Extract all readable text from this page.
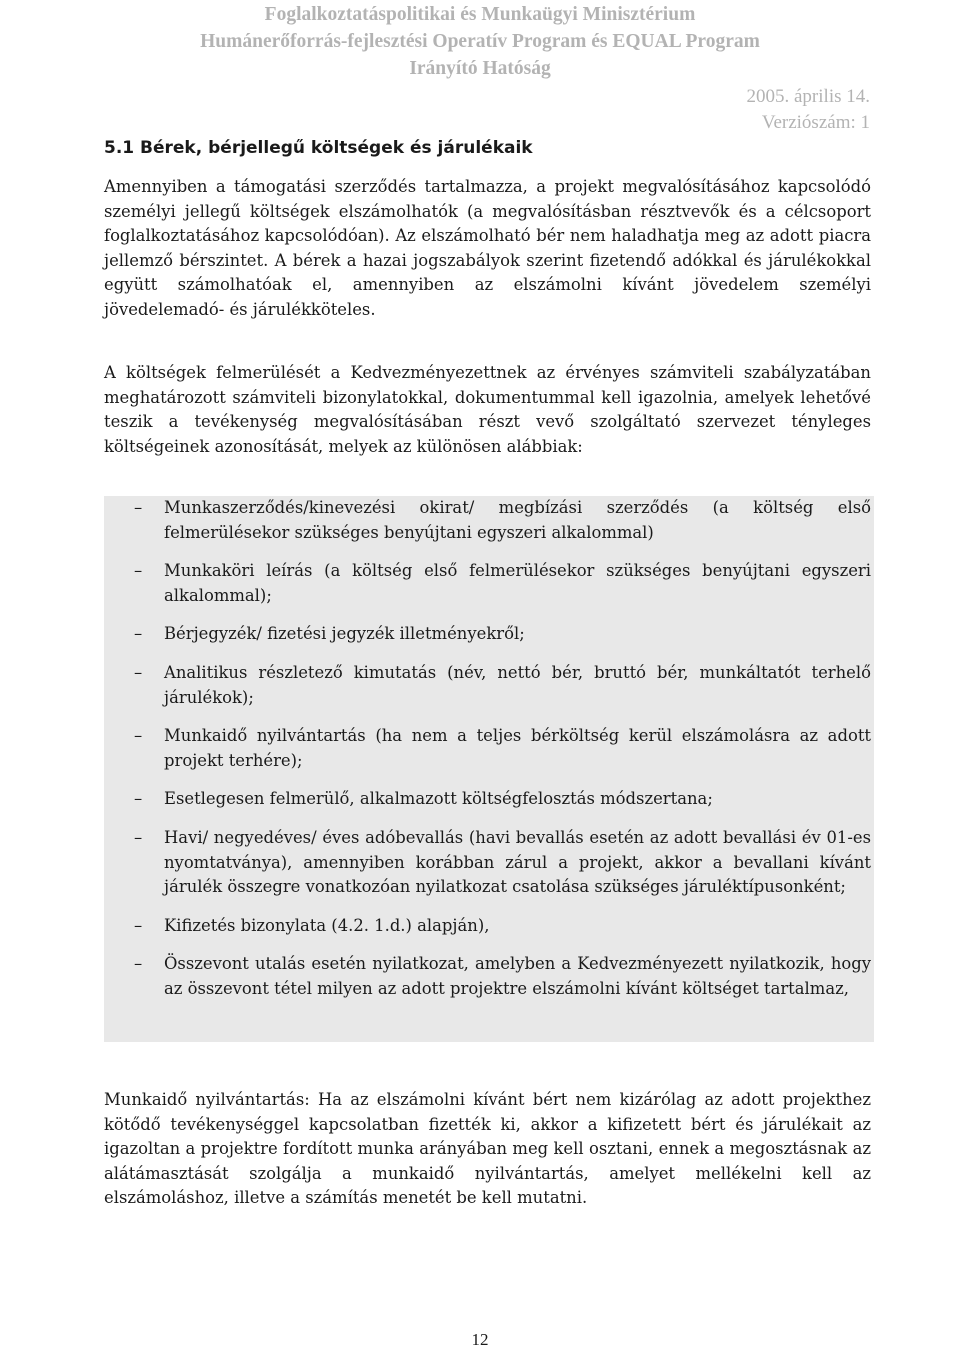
Foglalkoztatáspolitikai és Munkaügyi Minisztérium
Humánerőforrás-fejlesztési Operatív Program és EQUAL Program
Irányító Hatóság
2005. április 14.
Verziószám: 1
5.1 Bérek, bérjellegű költségek és járulékaik

Amennyiben a támogatási szerződés tartalmazza, a projekt megvalósításához kapcsolódó személyi jellegű költségek elszámolhatók (a megvalósításban résztvevők és a célcsoport foglalkoztatásához kapcsolódóan). Az elszámolható bér nem haladhatja meg az adott piacra jellemző bérszintet. A bérek a hazai jogszabályok szerint fizetendő adókkal és járulékokkal együtt számolhatóak el, amennyiben az elszámolni kívánt jövedelem személyi jövedelemadó- és járulékköteles.

A költségek felmerülését a Kedvezményezettnek az érvényes számviteli szabályzatában meghatározott számviteli bizonylatokkal, dokumentummal kell igazolnia, amelyek lehetővé teszik a tevékenység megvalósításában részt vevő szolgáltató szervezet tényleges költségeinek azonosítását, melyek az különösen alábbiak:

– Munkaszerződés/kinevezési okirat/ megbízási szerződés (a költség első felmerülésekor szükséges benyújtani egyszeri alkalommal)
– Munkaköri leírás (a költség első felmerülésekor szükséges benyújtani egyszeri alkalommal);
– Bérjegyzék/ fizetési jegyzék illetményekről;
– Analitikus részletező kimutatás (név, nettó bér, bruttó bér, munkáltatót terhelő járulékok);
– Munkaidő nyilvántartás (ha nem a teljes bérköltség kerül elszámolásra az adott projekt terhére);
– Esetlegesen felmerülő, alkalmazott költségfelosztás módszertana;
– Havi/ negyedéves/ éves adóbevallás (havi bevallás esetén az adott bevallási év 01-es nyomtatványa), amennyiben korábban zárul a projekt, akkor a bevallani kívánt járulék összegre vonatkozóan nyilatkozat csatolása szükséges járuléktípusonként;
– Kifizetés bizonylata (4.2. 1.d.) alapján),
– Összevont utalás esetén nyilatkozat, amelyben a Kedvezményezett nyilatkozik, hogy az összevont tétel milyen az adott projektre elszámolni kívánt költséget tartalmaz,

Munkaidő nyilvántartás: Ha az elszámolni kívánt bért nem kizárólag az adott projekthez kötődő tevékenységgel kapcsolatban fizették ki, akkor a kifizetett bért és járulékait az igazoltan a projektre fordított munka arányában meg kell osztani, ennek a megosztásnak az alátámasztását szolgálja a munkaidő nyilvántartás, amelyet mellékelni kell az elszámoláshoz, illetve a számítás menetét be kell mutatni.

12
